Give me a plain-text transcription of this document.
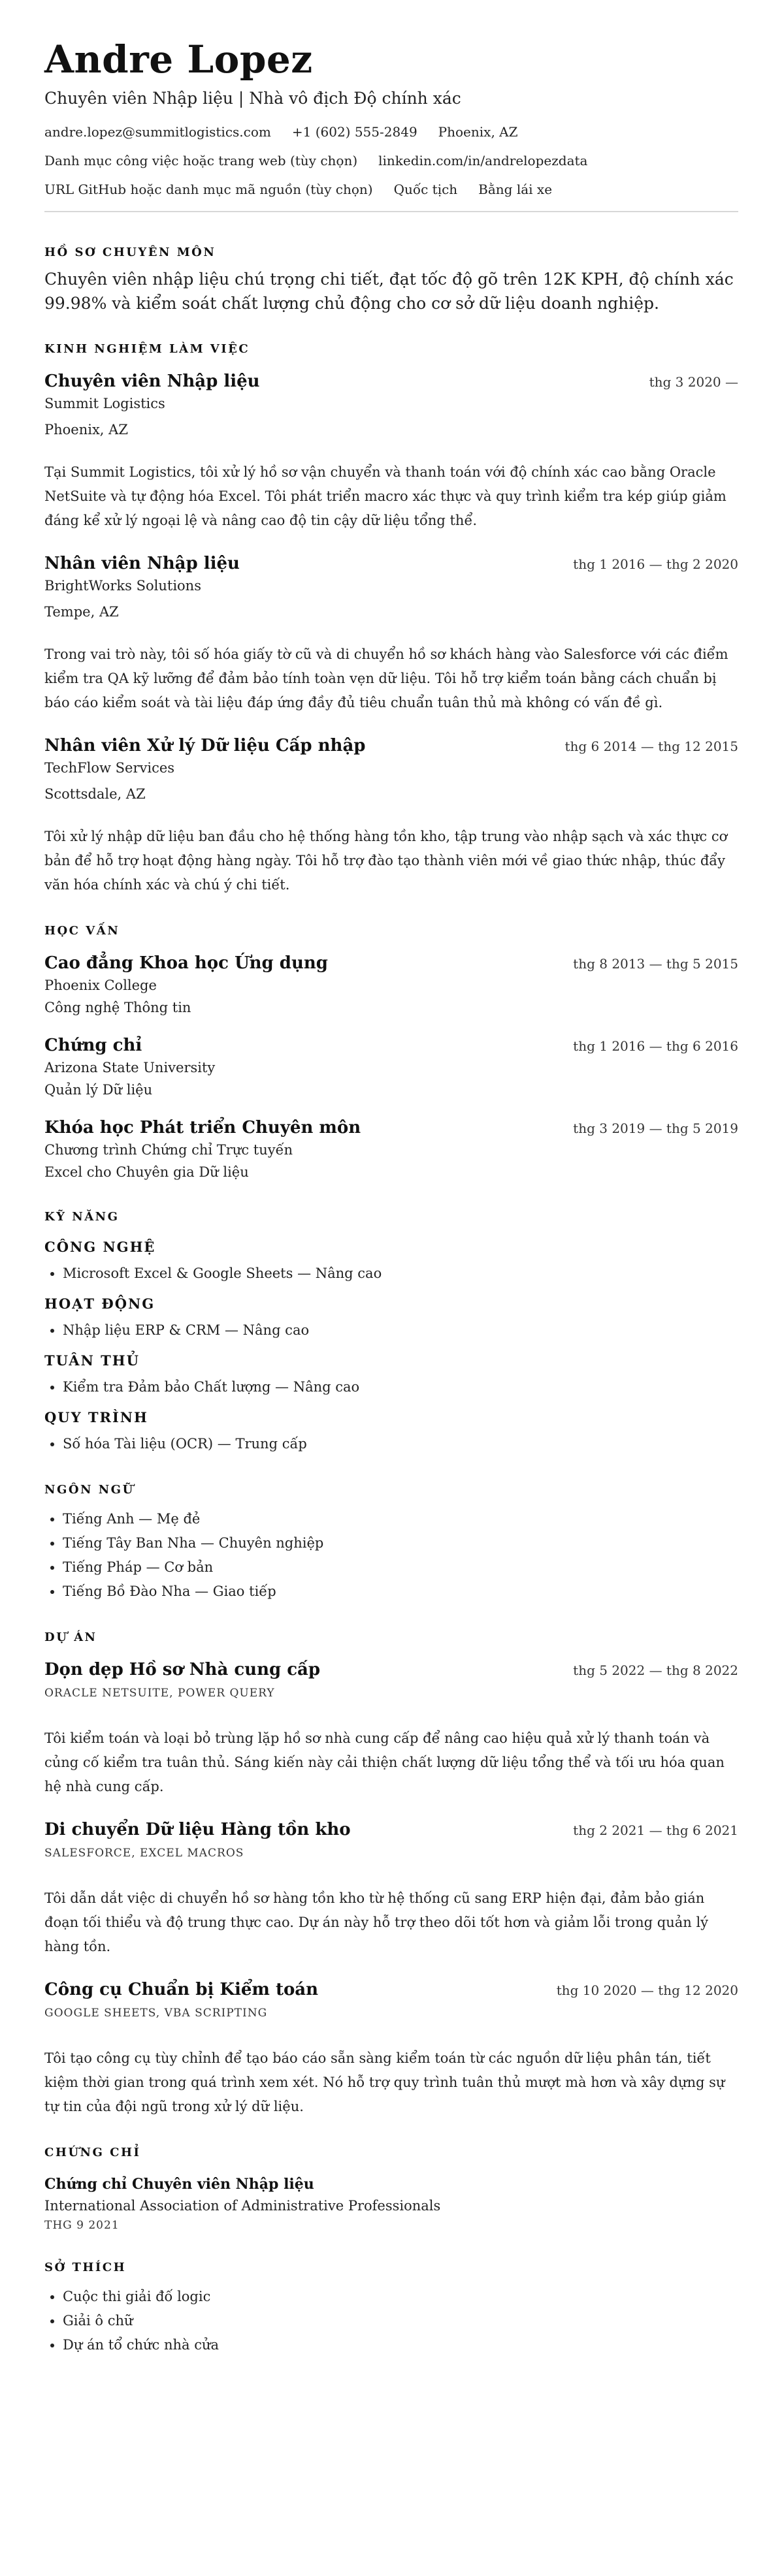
Andre Lopez
Chuyên viên Nhập liệu | Nhà vô địch Độ chính xác
andre.lopez@summitlogistics.com +1 (602) 555-2849 Phoenix, AZ
Danh mục công việc hoặc trang web (tùy chọn) linkedin.com/in/andrelopezdata
URL GitHub hoặc danh mục mã nguồn (tùy chọn) Quốc tịch Bằng lái xe
HỒ SƠ CHUYÊN MÔN
Chuyên viên nhập liệu chú trọng chi tiết, đạt tốc độ gõ trên 12K KPH, độ chính xác 99.98% và kiểm soát chất lượng chủ động cho cơ sở dữ liệu doanh nghiệp.
KINH NGHIỆM LÀM VIỆC
Chuyên viên Nhập liệu	thg 3 2020 —
Summit Logistics
Phoenix, AZ
Tại Summit Logistics, tôi xử lý hồ sơ vận chuyển và thanh toán với độ chính xác cao bằng Oracle NetSuite và tự động hóa Excel. Tôi phát triển macro xác thực và quy trình kiểm tra kép giúp giảm đáng kể xử lý ngoại lệ và nâng cao độ tin cậy dữ liệu tổng thể.
Nhân viên Nhập liệu	thg 1 2016 — thg 2 2020
BrightWorks Solutions
Tempe, AZ
Trong vai trò này, tôi số hóa giấy tờ cũ và di chuyển hồ sơ khách hàng vào Salesforce với các điểm kiểm tra QA kỹ lưỡng để đảm bảo tính toàn vẹn dữ liệu. Tôi hỗ trợ kiểm toán bằng cách chuẩn bị báo cáo kiểm soát và tài liệu đáp ứng đầy đủ tiêu chuẩn tuân thủ mà không có vấn đề gì.
Nhân viên Xử lý Dữ liệu Cấp nhập	thg 6 2014 — thg 12 2015
TechFlow Services
Scottsdale, AZ
Tôi xử lý nhập dữ liệu ban đầu cho hệ thống hàng tồn kho, tập trung vào nhập sạch và xác thực cơ bản để hỗ trợ hoạt động hàng ngày. Tôi hỗ trợ đào tạo thành viên mới về giao thức nhập, thúc đẩy văn hóa chính xác và chú ý chi tiết.
HỌC VẤN
Cao đẳng Khoa học Ứng dụng	thg 8 2013 — thg 5 2015
Phoenix College
Công nghệ Thông tin
Chứng chỉ	thg 1 2016 — thg 6 2016
Arizona State University
Quản lý Dữ liệu
Khóa học Phát triển Chuyên môn	thg 3 2019 — thg 5 2019
Chương trình Chứng chỉ Trực tuyến
Excel cho Chuyên gia Dữ liệu
KỸ NĂNG
CÔNG NGHỆ
• Microsoft Excel & Google Sheets — Nâng cao
HOẠT ĐỘNG
• Nhập liệu ERP & CRM — Nâng cao
TUÂN THỦ
• Kiểm tra Đảm bảo Chất lượng — Nâng cao
QUY TRÌNH
• Số hóa Tài liệu (OCR) — Trung cấp
NGÔN NGỮ
• Tiếng Anh — Mẹ đẻ
• Tiếng Tây Ban Nha — Chuyên nghiệp
• Tiếng Pháp — Cơ bản
• Tiếng Bồ Đào Nha — Giao tiếp
DỰ ÁN
Dọn dẹp Hồ sơ Nhà cung cấp	thg 5 2022 — thg 8 2022
ORACLE NETSUITE, POWER QUERY
Tôi kiểm toán và loại bỏ trùng lặp hồ sơ nhà cung cấp để nâng cao hiệu quả xử lý thanh toán và củng cố kiểm tra tuân thủ. Sáng kiến này cải thiện chất lượng dữ liệu tổng thể và tối ưu hóa quan hệ nhà cung cấp.
Di chuyển Dữ liệu Hàng tồn kho	thg 2 2021 — thg 6 2021
SALESFORCE, EXCEL MACROS
Tôi dẫn dắt việc di chuyển hồ sơ hàng tồn kho từ hệ thống cũ sang ERP hiện đại, đảm bảo gián đoạn tối thiểu và độ trung thực cao. Dự án này hỗ trợ theo dõi tốt hơn và giảm lỗi trong quản lý hàng tồn.
Công cụ Chuẩn bị Kiểm toán	thg 10 2020 — thg 12 2020
GOOGLE SHEETS, VBA SCRIPTING
Tôi tạo công cụ tùy chỉnh để tạo báo cáo sẵn sàng kiểm toán từ các nguồn dữ liệu phân tán, tiết kiệm thời gian trong quá trình xem xét. Nó hỗ trợ quy trình tuân thủ mượt mà hơn và xây dựng sự tự tin của đội ngũ trong xử lý dữ liệu.
CHỨNG CHỈ
Chứng chỉ Chuyên viên Nhập liệu
International Association of Administrative Professionals
THG 9 2021
SỞ THÍCH
• Cuộc thi giải đố logic
• Giải ô chữ
• Dự án tổ chức nhà cửa
